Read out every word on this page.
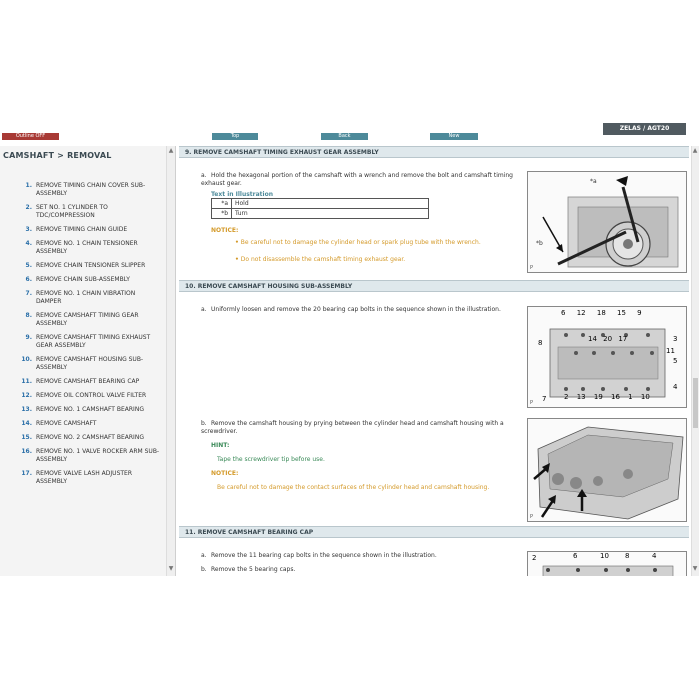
Outline OFF	Top	Back	New
ZELAS / AGT20
CAMSHAFT > REMOVAL
1. REMOVE TIMING CHAIN COVER SUB-ASSEMBLY
2. SET NO. 1 CYLINDER TO TDC/COMPRESSION
3. REMOVE TIMING CHAIN GUIDE
4. REMOVE NO. 1 CHAIN TENSIONER ASSEMBLY
5. REMOVE CHAIN TENSIONER SLIPPER
6. REMOVE CHAIN SUB-ASSEMBLY
7. REMOVE NO. 1 CHAIN VIBRATION DAMPER
8. REMOVE CAMSHAFT TIMING GEAR ASSEMBLY
9. REMOVE CAMSHAFT TIMING EXHAUST GEAR ASSEMBLY
10. REMOVE CAMSHAFT HOUSING SUB-ASSEMBLY
11. REMOVE CAMSHAFT BEARING CAP
12. REMOVE OIL CONTROL VALVE FILTER
13. REMOVE NO. 1 CAMSHAFT BEARING
14. REMOVE CAMSHAFT
15. REMOVE NO. 2 CAMSHAFT BEARING
16. REMOVE NO. 1 VALVE ROCKER ARM SUB-ASSEMBLY
17. REMOVE VALVE LASH ADJUSTER ASSEMBLY
▲
▼
9. REMOVE CAMSHAFT TIMING EXHAUST GEAR ASSEMBLY
a. Hold the hexagonal portion of the camshaft with a wrench and remove the bolt and camshaft timing exhaust gear.
Text in Illustration
*a	Hold
*b	Turn
NOTICE:
• Be careful not to damage the cylinder head or spark plug tube with the wrench.
• Do not disassemble the camshaft timing exhaust gear.
*a
*b
P
10. REMOVE CAMSHAFT HOUSING SUB-ASSEMBLY
a. Uniformly loosen and remove the 20 bearing cap bolts in the sequence shown in the illustration.	6 12 18 15 9
14 20 17	3
11
5
4
8
7	2 13 19 16 1 10
P
b. Remove the camshaft housing by prying between the cylinder head and camshaft housing with a screwdriver.
HINT:
Tape the screwdriver tip before use.
NOTICE:
Be careful not to damage the contact surfaces of the cylinder head and camshaft housing.
P
11. REMOVE CAMSHAFT BEARING CAP
a. Remove the 11 bearing cap bolts in the sequence shown in the illustration.
b. Remove the 5 bearing caps.
2	6	10 8	4
▲
▼
